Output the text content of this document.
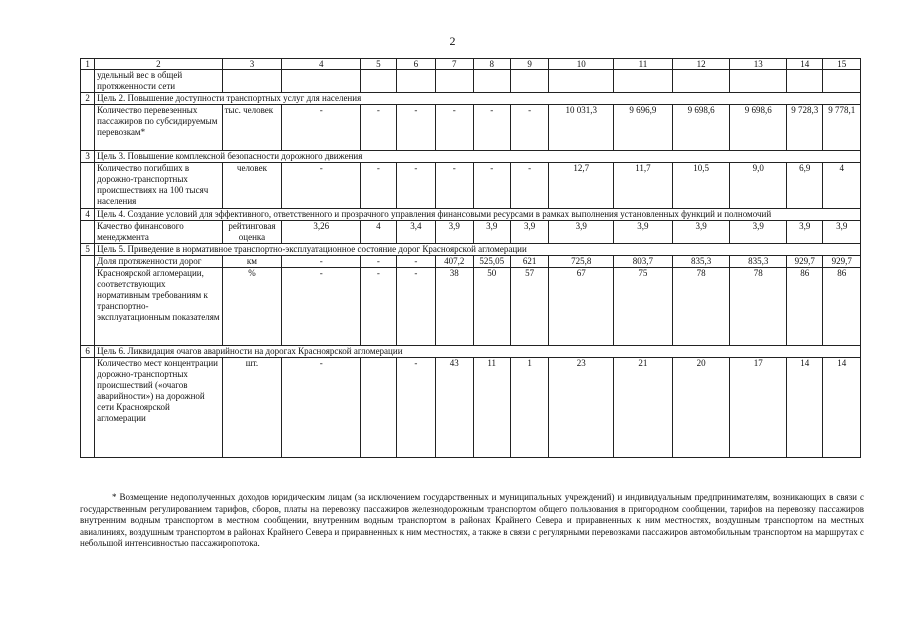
2
1	2	3	4	5	6	7	8	9	10	11	12	13	14	15
	удельный вес в общей протяженности сети													
2	Цель 2. Повышение доступности транспортных услуг для населения													
	Количество перевезенных пассажиров по субсидируемым перевозкам*	тыс. человек	-	-	-	-	-	-	10 031,3	9 696,9	9 698,6	9 698,6	9 728,3	9 778,1
3	Цель 3. Повышение комплексной безопасности дорожного движения													
	Количество погибших в дорожно-транспортных происшествиях на 100 тысяч населения	человек	-	-	-	-	-	-	12,7	11,7	10,5	9,0	6,9	4
4	Цель 4. Создание условий для эффективного, ответственного и прозрачного управления финансовыми ресурсами в рамках выполнения установленных функций и полномочий													
	Качество финансового менеджмента	рейтинговая оценка	3,26	4	3,4	3,9	3,9	3,9	3,9	3,9	3,9	3,9	3,9	3,9
5	Цель 5. Приведение в нормативное транспортно-эксплуатационное состояние дорог Красноярской агломерации													
	Доля протяженности дорог	км	-	-	-	407,2	525,05	621	725,8	803,7	835,3	835,3	929,7	929,7
	Красноярской агломерации, соответствующих нормативным требованиям к транспортно-эксплуатационным показателям	%	-	-	-	38	50	57	67	75	78	78	86	86
6	Цель 6. Ликвидация очагов аварийности на дорогах Красноярской агломерации													
	Количество мест концентрации дорожно-транспортных происшествий («очагов аварийности») на дорожной сети Красноярской агломерации	шт.	-		-	43	11	1	23	21	20	17	14	14

* Возмещение недополученных доходов юридическим лицам (за исключением государственных и муниципальных учреждений) и индивидуальным предпринимателям, возникающих в связи с государственным регулированием тарифов, сборов, платы на перевозку пассажиров железнодорожным транспортом общего пользования в пригородном сообщении, тарифов на перевозку пассажиров внутренним водным транспортом в местном сообщении, внутренним водным транспортом в районах Крайнего Севера и приравненных к ним местностях, воздушным транспортом на местных авиалиниях, воздушным транспортом в районах Крайнего Севера и приравненных к ним местностях, а также в связи с регулярными перевозками пассажиров автомобильным транспортом на маршрутах с небольшой интенсивностью пассажиропотока.
